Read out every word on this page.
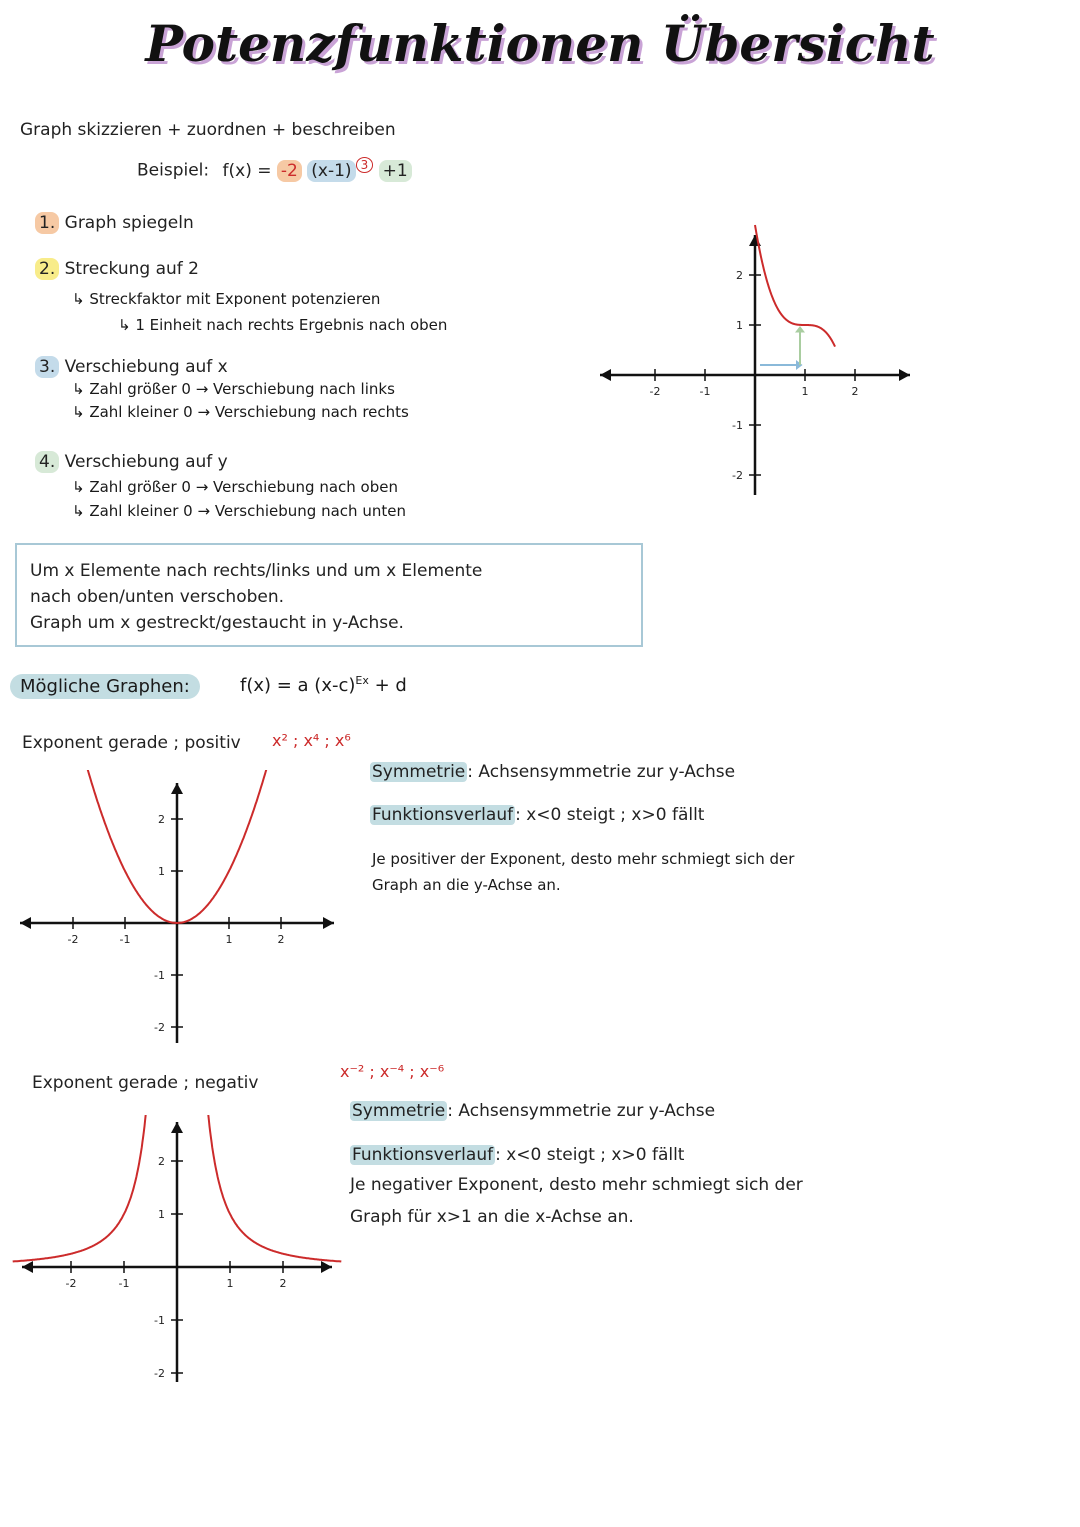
Potenzfunktionen Übersicht
Graph skizzieren + zuordnen + beschreiben
Beispiel: f(x) = -2 (x-1) $^3$ +1
1. Graph spiegeln
2. Streckung auf 2
↳ Streckfaktor mit Exponent potenzieren
↳ 1 Einheit nach rechts Ergebnis nach oben
3. Verschiebung auf x
↳ Zahl größer 0 → Verschiebung nach links
↳ Zahl kleiner 0 → Verschiebung nach rechts
4. Verschiebung auf y
↳ Zahl größer 0 → Verschiebung nach oben
↳ Zahl kleiner 0 → Verschiebung nach unten
-2	-1	1	2
-2
-1
1
2
Um x Elemente nach rechts/links und um x Elemente
nach oben/unten verschoben.
Graph um x gestreckt/gestaucht in y-Achse.
Mögliche Graphen:	f(x) = a $(x-c)^{Ex} + d$
Exponent gerade ; positiv x² ; x⁴ ; x⁶
Symmetrie : Achsensymmetrie zur y-Achse
Funktionsverlauf : x<0 steigt ; x>0 fällt
Je positiver der Exponent, desto mehr schmiegt sich der
Graph an die y-Achse an.
-2	-1	1	2
-2
-1
1
2
Exponent gerade ; negativ
x⁻² ; x⁻⁴ ; x⁻⁶
Symmetrie : Achsensymmetrie zur y-Achse
Funktionsverlauf : x<0 steigt ; x>0 fällt
Je negativer Exponent, desto mehr schmiegt sich der
Graph für x>1 an die x-Achse an.
-2	-1	1	2
-2
-1
1
2
